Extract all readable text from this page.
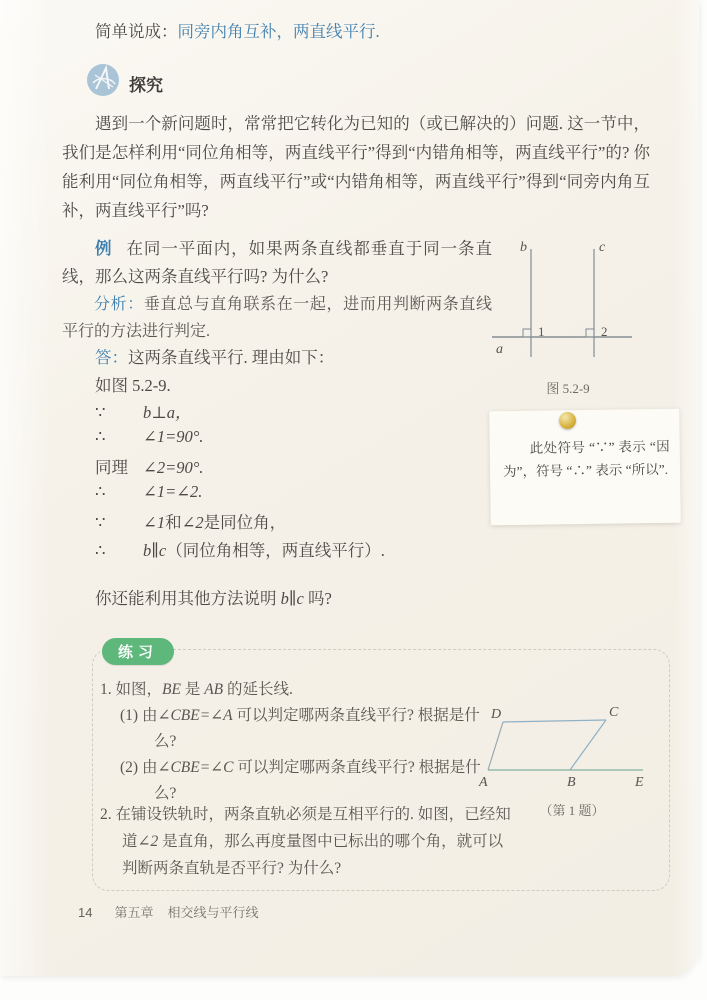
简单说成：同旁内角互补，两直线平行.
探究
遇到一个新问题时，常常把它转化为已知的（或已解决的）问题. 这一节中，我们是怎样利用“同位角相等，两直线平行”得到“内错角相等，两直线平行”的? 你能利用“同位角相等，两直线平行”或“内错角相等，两直线平行”得到“同旁内角互补，两直线平行”吗?
例 在同一平面内，如果两条直线都垂直于同一条直线，那么这两条直线平行吗? 为什么?
分析：垂直总与直角联系在一起，进而用判断两条直线平行的方法进行判定.
答：这两条直线平行. 理由如下：
如图 5.2-9.
∵	b⊥a，
∴	∠1=90°.
同理 ∠2=90°.
∴	∠1=∠2.
∵	∠1 和 ∠2 是同位角，
∴	b∥c （同位角相等，两直线平行）.
你还能利用其他方法说明 b∥c 吗?
b	c
a
1	2
图 5.2-9
此处符号 “∵” 表示 “因为”，符号 “∴” 表示 “所以”.
练习
1. 如图，BE 是 AB 的延长线.
(1) 由∠CBE=∠A 可以判定哪两条直线平行? 根据是什么?
(2) 由∠CBE=∠C 可以判定哪两条直线平行? 根据是什么?
D	C
A	B	E
（第 1 题）
2. 在铺设铁轨时，两条直轨必须是互相平行的. 如图，已经知道∠2 是直角，那么再度量图中已标出的哪个角，就可以判断两条直轨是否平行? 为什么?
14 第五章 相交线与平行线
